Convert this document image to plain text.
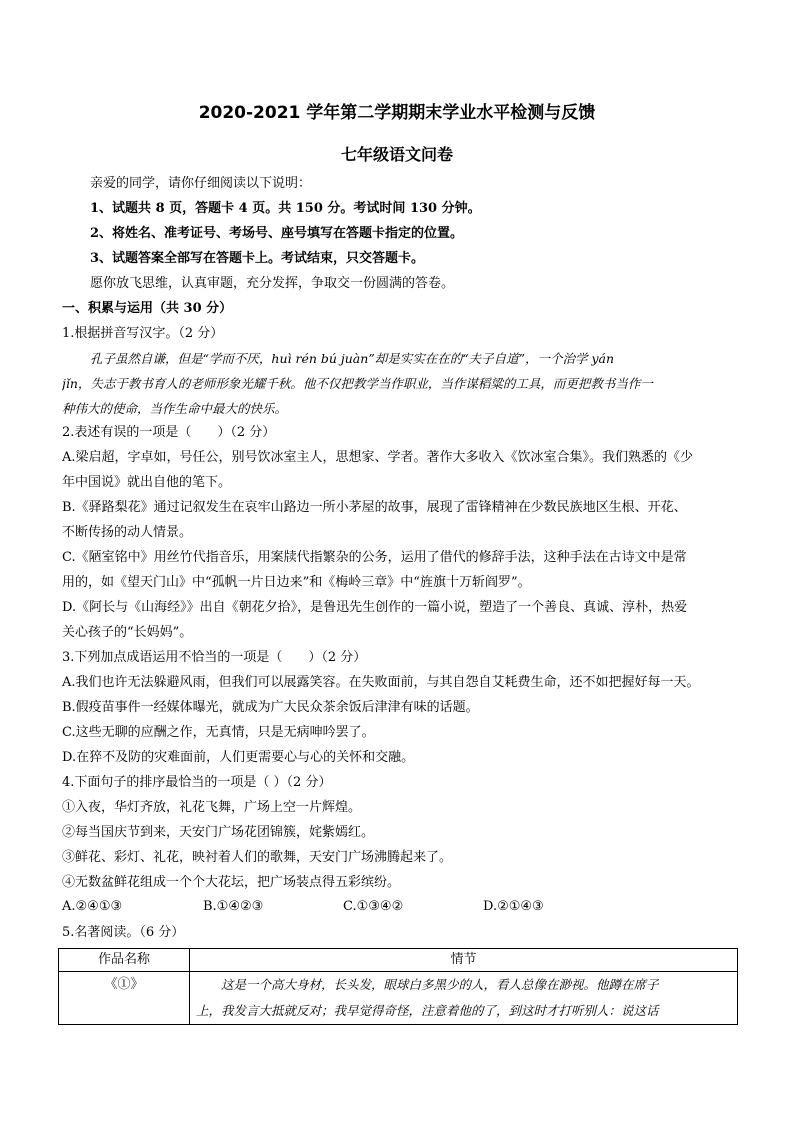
2020-2021 学年第二学期期末学业水平检测与反馈
七年级语文问卷
亲爱的同学，请你仔细阅读以下说明：
1、试题共 8 页，答题卡 4 页。共 150 分。考试时间 130 分钟。
2、将姓名、准考证号、考场号、座号填写在答题卡指定的位置。
3、试题答案全部写在答题卡上。考试结束，只交答题卡。
愿你放飞思维，认真审题，充分发挥，争取交一份圆满的答卷。
一、积累与运用（共 30 分）
1.根据拼音写汉字。（2 分）
孔子虽然自谦，但是“学而不厌，huì rén bú juàn”却是实实在在的“夫子自道”，一个治学 yán
jǐn，失志于教书育人的老师形象光耀千秋。他不仅把教学当作职业，当作谋稻粱的工具，而更把教书当作一
种伟大的使命，当作生命中最大的快乐。
2.表述有误的一项是（　　）（2 分）
A.梁启超，字卓如，号任公，别号饮冰室主人，思想家、学者。著作大多收入《饮冰室合集》。我们熟悉的《少
年中国说》就出自他的笔下。
B.《驿路梨花》通过记叙发生在哀牢山路边一所小茅屋的故事，展现了雷锋精神在少数民族地区生根、开花、
不断传扬的动人情景。
C.《陋室铭中》用丝竹代指音乐，用案牍代指繁杂的公务，运用了借代的修辞手法，这种手法在古诗文中是常
用的，如《望天门山》中“孤帆一片日边来”和《梅岭三章》中“旌旗十万斩阎罗”。
D.《阿长与《山海经》》出自《朝花夕拾》，是鲁迅先生创作的一篇小说，塑造了一个善良、真诚、淳朴，热爱
关心孩子的“长妈妈”。
3.下列加点成语运用不恰当的一项是（　　）（2 分）
A.我们也许无法躲避风雨，但我们可以展露笑容。在失败面前，与其自怨自艾耗费生命，还不如把握好每一天。
B.假疫苗事件一经媒体曝光，就成为广大民众茶余饭后津津有味的话题。
C.这些无聊的应酬之作，无真情，只是无病呻吟罢了。
D.在猝不及防的灾难面前，人们更需要心与心的关怀和交融。
4.下面句子的排序最恰当的一项是（ ）（2 分）
①入夜，华灯齐放，礼花飞舞，广场上空一片辉煌。
②每当国庆节到来，天安门广场花团锦簇，姹紫嫣红。
③鲜花、彩灯、礼花，映衬着人们的歌舞，天安门广场沸腾起来了。
④无数盆鲜花组成一个个大花坛，把广场装点得五彩缤纷。
A.②④①③	B.①④②③	C.①③④②	D.②①④③
5.名著阅读。（6 分）
作品名称	情节
《①》	这是一个高大身材，长头发，眼球白多黑少的人，看人总像在渺视。他蹲在席子
上，我发言大抵就反对；我早觉得奇怪，注意着他的了，到这时才打听别人：说这话
